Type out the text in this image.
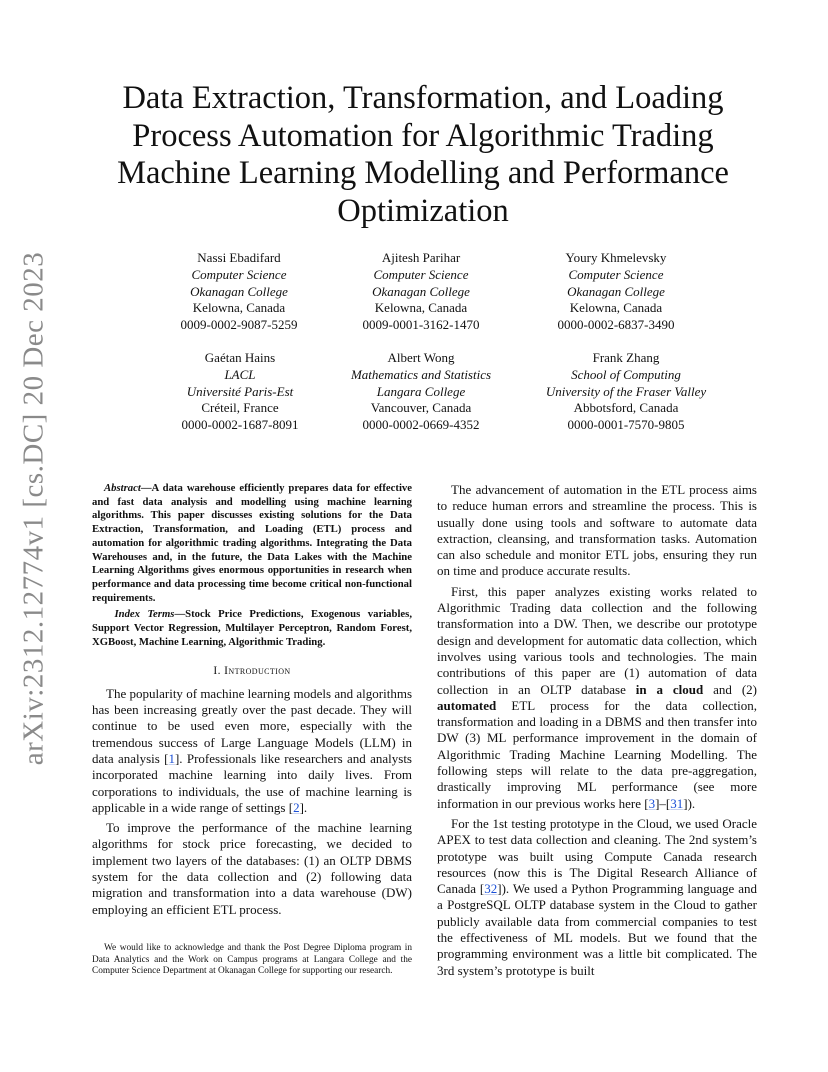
arXiv:2312.12774v1 [cs.DC] 20 Dec 2023
Data Extraction, Transformation, and Loading Process Automation for Algorithmic Trading Machine Learning Modelling and Performance Optimization
Nassi Ebadifard
Computer Science
Okanagan College
Kelowna, Canada
0009-0002-9087-5259
Ajitesh Parihar
Computer Science
Okanagan College
Kelowna, Canada
0009-0001-3162-1470
Youry Khmelevsky
Computer Science
Okanagan College
Kelowna, Canada
0000-0002-6837-3490
Gaétan Hains
LACL
Université Paris-Est
Créteil, France
0000-0002-1687-8091
Albert Wong
Mathematics and Statistics
Langara College
Vancouver, Canada
0000-0002-0669-4352
Frank Zhang
School of Computing
University of the Fraser Valley
Abbotsford, Canada
0000-0001-7570-9805

Abstract—A data warehouse efficiently prepares data for effective and fast data analysis and modelling using machine learning algorithms. This paper discusses existing solutions for the Data Extraction, Transformation, and Loading (ETL) process and automation for algorithmic trading algorithms. Integrating the Data Warehouses and, in the future, the Data Lakes with the Machine Learning Algorithms gives enormous opportunities in research when performance and data processing time become critical non-functional requirements.

Index Terms—Stock Price Predictions, Exogenous variables, Support Vector Regression, Multilayer Perceptron, Random Forest, XGBoost, Machine Learning, Algorithmic Trading.

I. Introduction

The popularity of machine learning models and algorithms has been increasing greatly over the past decade. They will continue to be used even more, especially with the tremendous success of Large Language Models (LLM) in data analysis [1]. Professionals like researchers and analysts incorporated machine learning into daily lives. From corporations to individuals, the use of machine learning is applicable in a wide range of settings [2].

To improve the performance of the machine learning algorithms for stock price forecasting, we decided to implement two layers of the databases: (1) an OLTP DBMS system for the data collection and (2) following data migration and transformation into a data warehouse (DW) employing an efficient ETL process.

We would like to acknowledge and thank the Post Degree Diploma program in Data Analytics and the Work on Campus programs at Langara College and the Computer Science Department at Okanagan College for supporting our research.

The advancement of automation in the ETL process aims to reduce human errors and streamline the process. This is usually done using tools and software to automate data extraction, cleansing, and transformation tasks. Automation can also schedule and monitor ETL jobs, ensuring they run on time and produce accurate results.

First, this paper analyzes existing works related to Algorithmic Trading data collection and the following transformation into a DW. Then, we describe our prototype design and development for automatic data collection, which involves using various tools and technologies. The main contributions of this paper are (1) automation of data collection in an OLTP database in a cloud and (2) automated ETL process for the data collection, transformation and loading in a DBMS and then transfer into DW (3) ML performance improvement in the domain of Algorithmic Trading Machine Learning Modelling. The following steps will relate to the data pre-aggregation, drastically improving ML performance (see more information in our previous works here [3]–[31]).

For the 1st testing prototype in the Cloud, we used Oracle APEX to test data collection and cleaning. The 2nd system’s prototype was built using Compute Canada research resources (now this is The Digital Research Alliance of Canada [32]). We used a Python Programming language and a PostgreSQL OLTP database system in the Cloud to gather publicly available data from commercial companies to test the effectiveness of ML models. But we found that the programming environment was a little bit complicated. The 3rd system’s prototype is built
